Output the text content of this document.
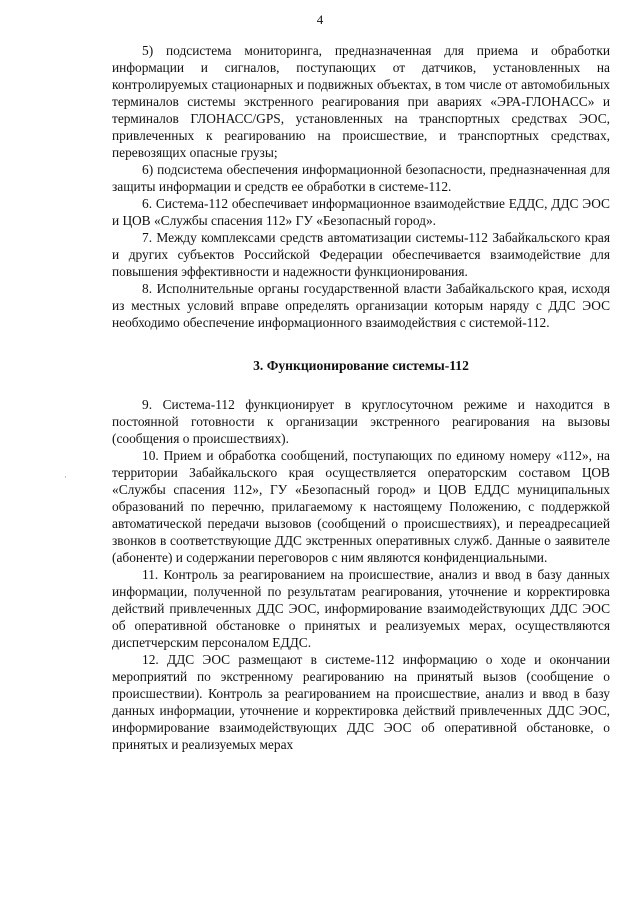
4
·

5) подсистема мониторинга, предназначенная для приема и обработки информации и сигналов, поступающих от датчиков, установленных на контролируемых стационарных и подвижных объектах, в том числе от автомобильных терминалов системы экстренного реагирования при авариях «ЭРА-ГЛОНАСС» и терминалов ГЛОНАСС/GPS, установленных на транспортных средствах ЭОС, привлеченных к реагированию на происшествие, и транспортных средствах, перевозящих опасные грузы;

6) подсистема обеспечения информационной безопасности, предназначенная для защиты информации и средств ее обработки в системе-112.

6. Система-112 обеспечивает информационное взаимодействие ЕДДС, ДДС ЭОС и ЦОВ «Службы спасения 112» ГУ «Безопасный город».

7. Между комплексами средств автоматизации системы-112 Забайкальского края и других субъектов Российской Федерации обеспечивается взаимодействие для повышения эффективности и надежности функционирования.

8. Исполнительные органы государственной власти Забайкальского края, исходя из местных условий вправе определять организации которым наряду с ДДС ЭОС необходимо обеспечение информационного взаимодействия с системой-112.

3. Функционирование системы-112

9. Система-112 функционирует в круглосуточном режиме и находится в постоянной готовности к организации экстренного реагирования на вызовы (сообщения о происшествиях).

10. Прием и обработка сообщений, поступающих по единому номеру «112», на территории Забайкальского края осуществляется операторским составом ЦОВ «Службы спасения 112», ГУ «Безопасный город» и ЦОВ ЕДДС муниципальных образований по перечню, прилагаемому к настоящему Положению, с поддержкой автоматической передачи вызовов (сообщений о происшествиях), и переадресацией звонков в соответствующие ДДС экстренных оперативных служб. Данные о заявителе (абоненте) и содержании переговоров с ним являются конфиденциальными.

11. Контроль за реагированием на происшествие, анализ и ввод в базу данных информации, полученной по результатам реагирования, уточнение и корректировка действий привлеченных ДДС ЭОС, информирование взаимодействующих ДДС ЭОС об оперативной обстановке о принятых и реализуемых мерах, осуществляются диспетчерским персоналом ЕДДС.

12. ДДС ЭОС размещают в системе-112 информацию о ходе и окончании мероприятий по экстренному реагированию на принятый вызов (сообщение о происшествии). Контроль за реагированием на происшествие, анализ и ввод в базу данных информации, уточнение и корректировка действий привлеченных ДДС ЭОС, информирование взаимодействующих ДДС ЭОС об оперативной обстановке, о принятых и реализуемых мерах
